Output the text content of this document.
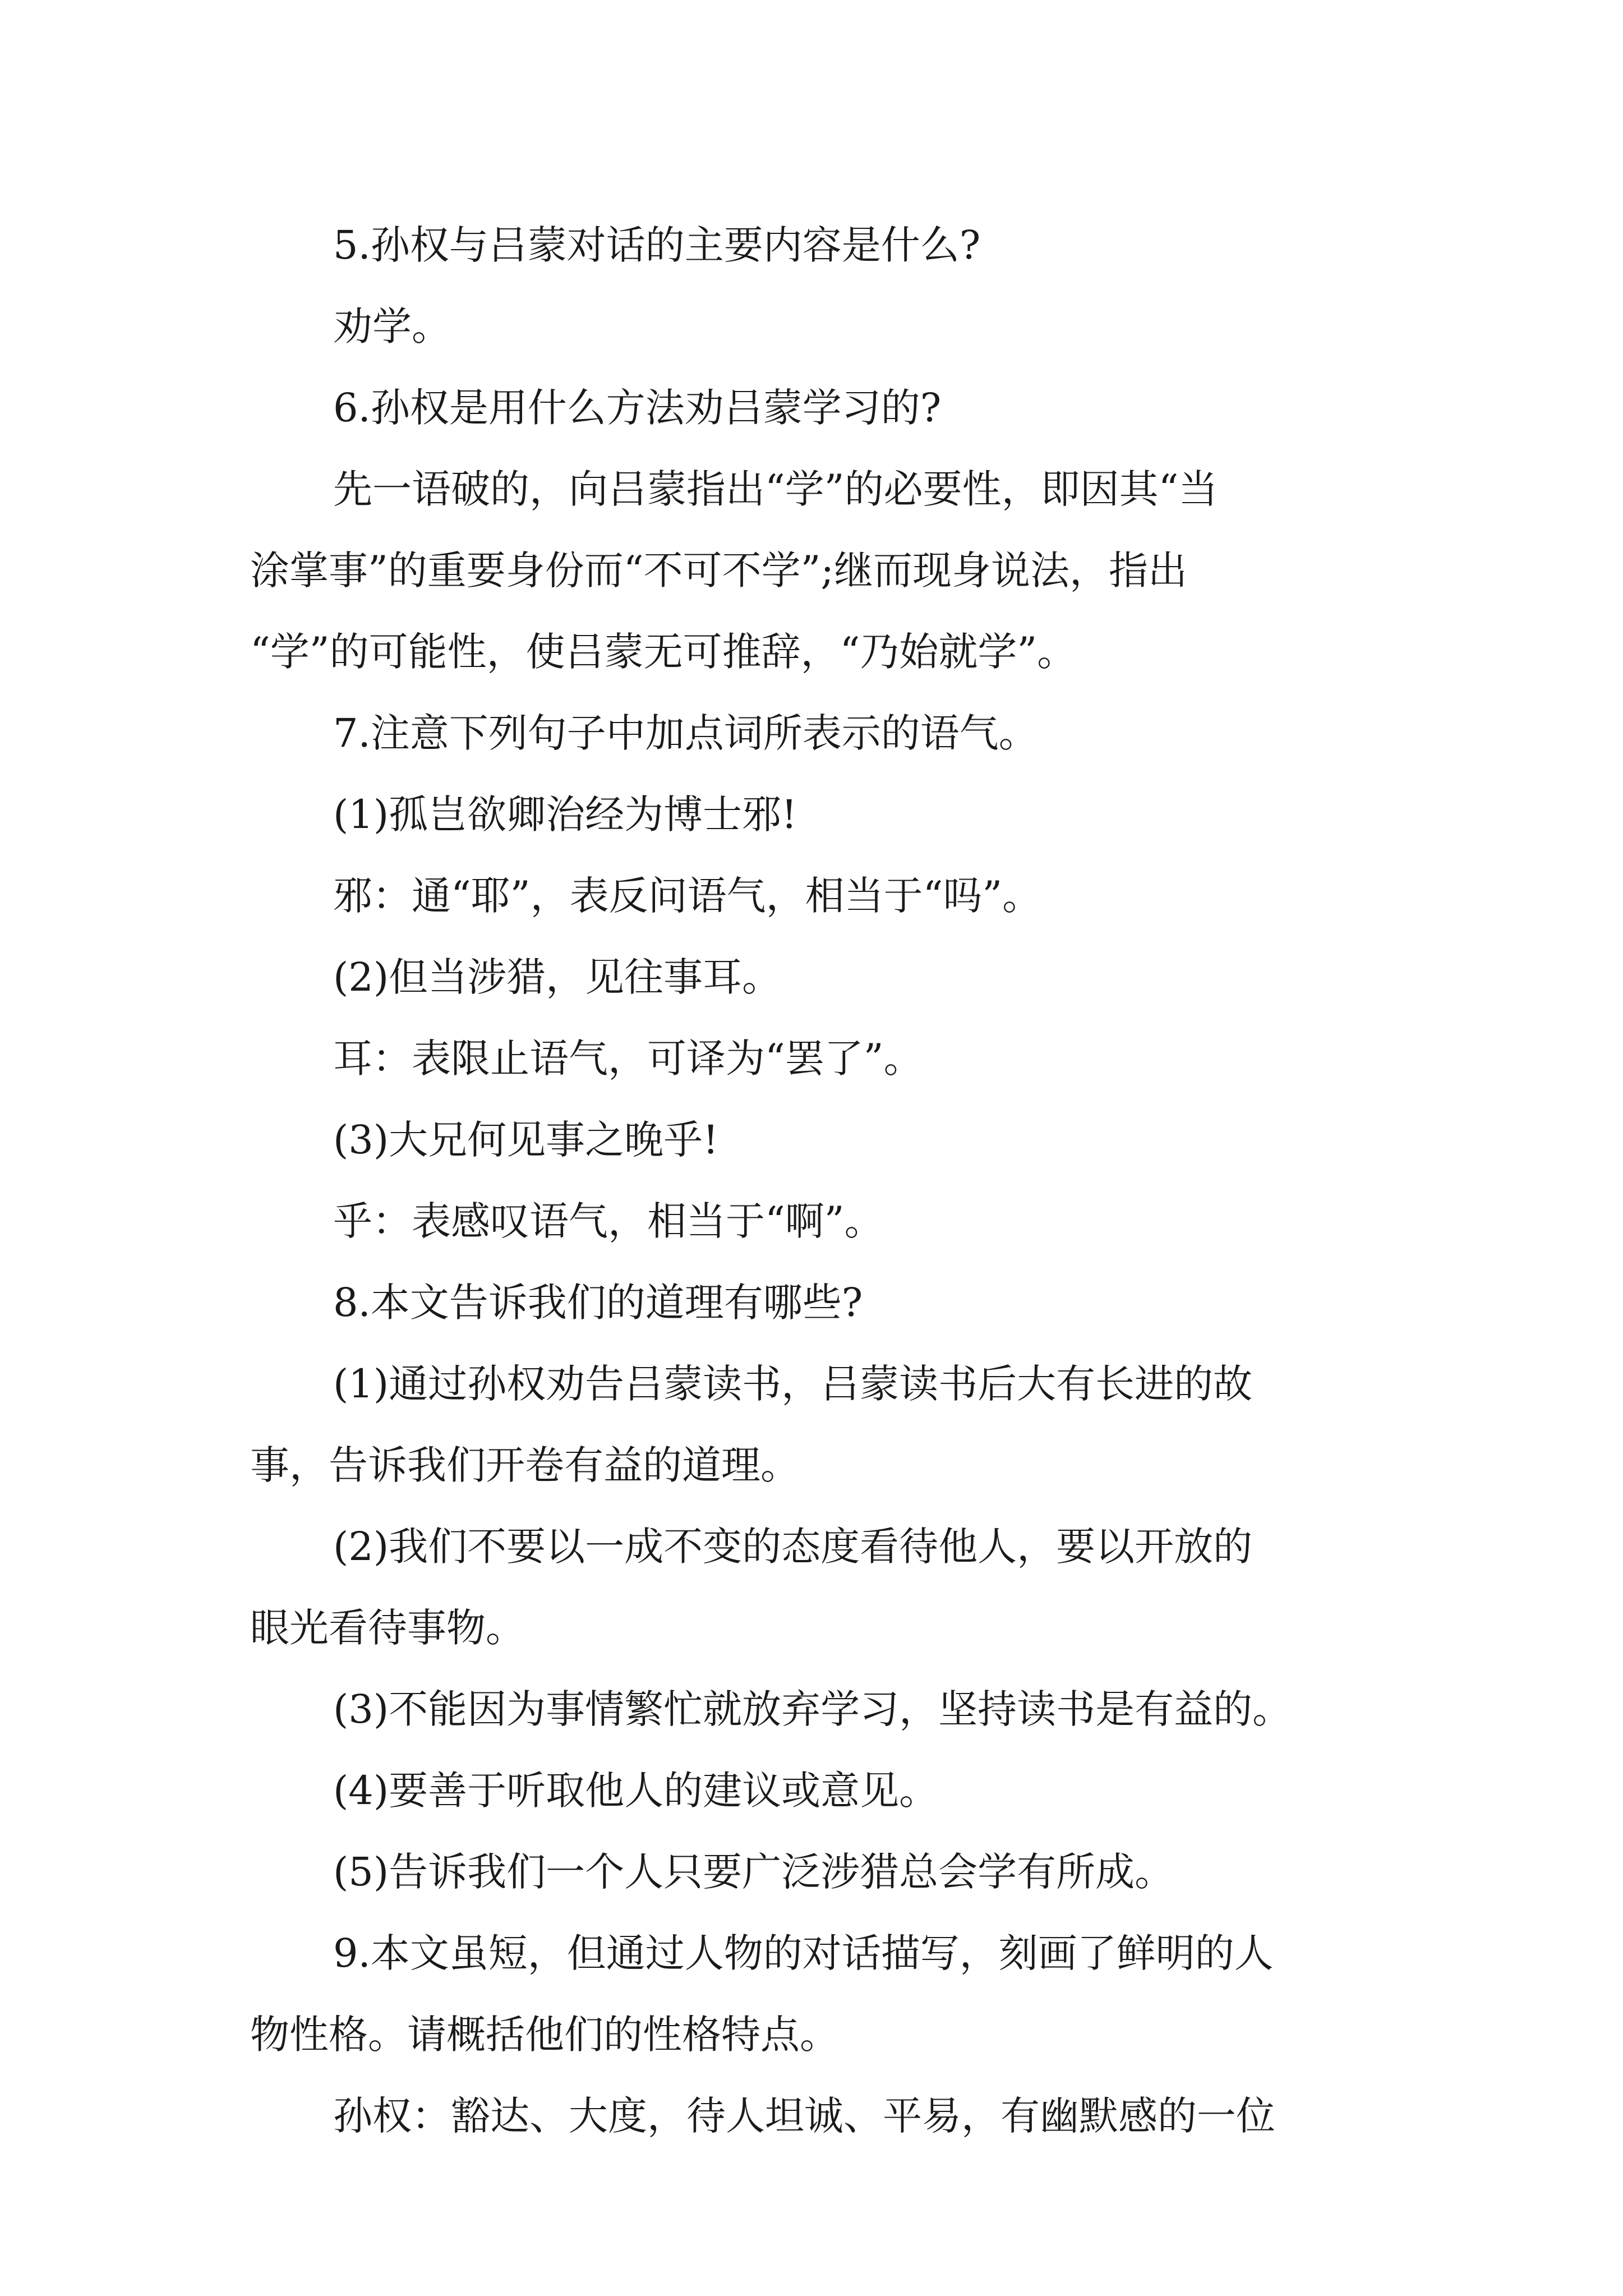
5.孙权与吕蒙对话的主要内容是什么?

劝学。

6.孙权是用什么方法劝吕蒙学习的?

先一语破的，向吕蒙指出“学”的必要性，即因其“当

涂掌事”的重要身份而“不可不学”;继而现身说法，指出

“学”的可能性，使吕蒙无可推辞，“乃始就学”。

7.注意下列句子中加点词所表示的语气。

(1)孤岂欲卿治经为博士邪!

邪：通“耶”，表反问语气，相当于“吗”。

(2)但当涉猎，见往事耳。

耳：表限止语气，可译为“罢了”。

(3)大兄何见事之晚乎!

乎：表感叹语气，相当于“啊”。

8.本文告诉我们的道理有哪些?

(1)通过孙权劝告吕蒙读书，吕蒙读书后大有长进的故

事，告诉我们开卷有益的道理。

(2)我们不要以一成不变的态度看待他人，要以开放的

眼光看待事物。

(3)不能因为事情繁忙就放弃学习，坚持读书是有益的。

(4)要善于听取他人的建议或意见。

(5)告诉我们一个人只要广泛涉猎总会学有所成。

9.本文虽短，但通过人物的对话描写，刻画了鲜明的人

物性格。请概括他们的性格特点。

孙权：豁达、大度，待人坦诚、平易，有幽默感的一位
